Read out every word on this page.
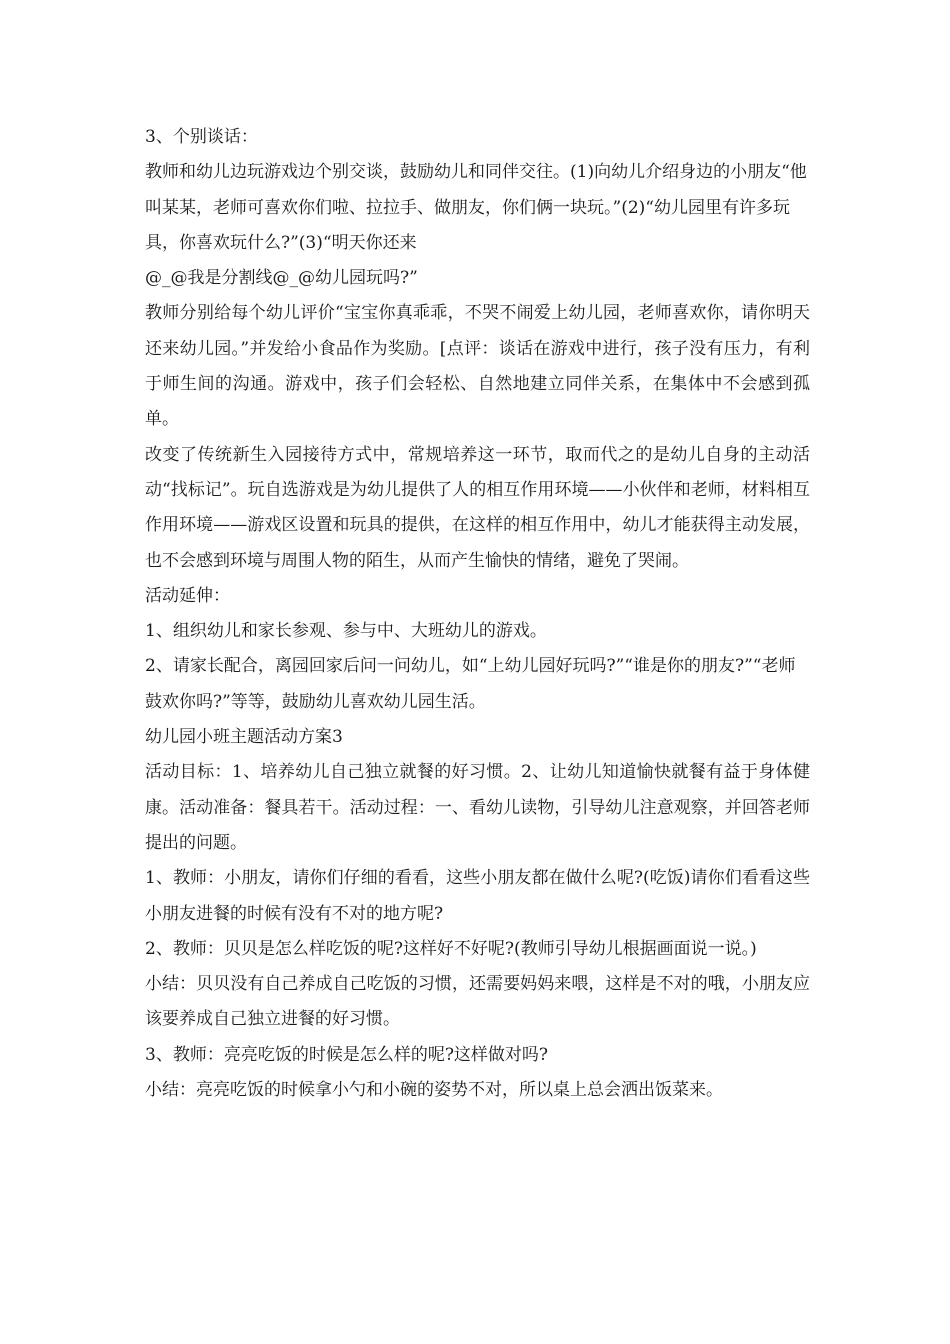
3、个别谈话：

教师和幼儿边玩游戏边个别交谈，鼓励幼儿和同伴交往。(1)向幼儿介绍身边的小朋友“他叫某某，老师可喜欢你们啦、拉拉手、做朋友，你们俩一块玩。”(2)“幼儿园里有许多玩具，你喜欢玩什么?”(3)“明天你还来

@_@我是分割线@_@幼儿园玩吗?”

教师分别给每个幼儿评价“宝宝你真乖乖，不哭不闹爱上幼儿园，老师喜欢你，请你明天还来幼儿园。”并发给小食品作为奖励。[点评：谈话在游戏中进行，孩子没有压力，有利于师生间的沟通。游戏中，孩子们会轻松、自然地建立同伴关系，在集体中不会感到孤单。

改变了传统新生入园接待方式中，常规培养这一环节，取而代之的是幼儿自身的主动活动“找标记”。玩自选游戏是为幼儿提供了人的相互作用环境——小伙伴和老师，材料相互作用环境——游戏区设置和玩具的提供，在这样的相互作用中，幼儿才能获得主动发展，也不会感到环境与周围人物的陌生，从而产生愉快的情绪，避免了哭闹。

活动延伸：

1、组织幼儿和家长参观、参与中、大班幼儿的游戏。

2、请家长配合，离园回家后问一问幼儿，如“上幼儿园好玩吗?”“谁是你的朋友?”“老师鼓欢你吗?”等等，鼓励幼儿喜欢幼儿园生活。

幼儿园小班主题活动方案3

活动目标：1、培养幼儿自己独立就餐的好习惯。2、让幼儿知道愉快就餐有益于身体健康。活动准备：餐具若干。活动过程：一、看幼儿读物，引导幼儿注意观察，并回答老师提出的问题。

1、教师：小朋友，请你们仔细的看看，这些小朋友都在做什么呢?(吃饭)请你们看看这些小朋友进餐的时候有没有不对的地方呢?

2、教师：贝贝是怎么样吃饭的呢?这样好不好呢?(教师引导幼儿根据画面说一说。)

小结：贝贝没有自己养成自己吃饭的习惯，还需要妈妈来喂，这样是不对的哦，小朋友应该要养成自己独立进餐的好习惯。

3、教师：亮亮吃饭的时候是怎么样的呢?这样做对吗?

小结：亮亮吃饭的时候拿小勺和小碗的姿势不对，所以桌上总会洒出饭菜来。
